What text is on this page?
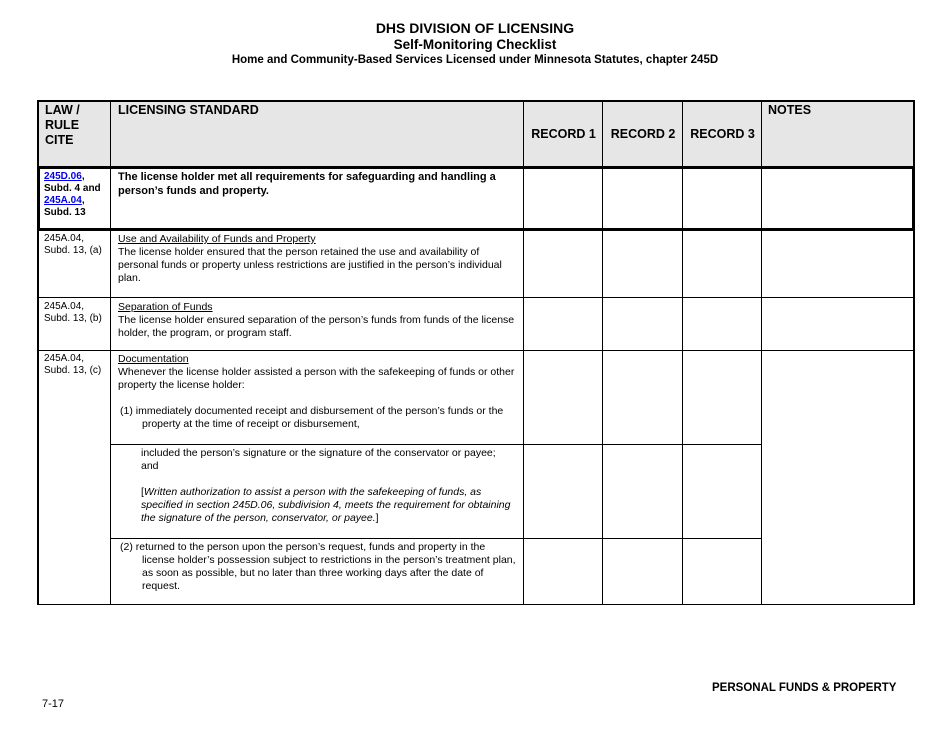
DHS DIVISION OF LICENSING
Self-Monitoring Checklist
Home and Community-Based Services Licensed under Minnesota Statutes, chapter 245D
LAW / RULE CITE
LICENSING STANDARD
RECORD 1 RECORD 2 RECORD 3
NOTES
245D.06,
Subd. 4 and
245A.04,
Subd. 13
The license holder met all requirements for safeguarding and handling a person’s funds and property.
245A.04, Subd. 13, (a)
Use and Availability of Funds and Property
The license holder ensured that the person retained the use and availability of personal funds or property unless restrictions are justified in the person’s individual plan.
245A.04, Subd. 13, (b)
Separation of Funds
The license holder ensured separation of the person’s funds from funds of the license holder, the program, or program staff.
245A.04, Subd. 13, (c)
Documentation
Whenever the license holder assisted a person with the safekeeping of funds or other property the license holder:
(1) immediately documented receipt and disbursement of the person’s funds or the property at the time of receipt or disbursement,
included the person’s signature or the signature of the conservator or payee; and
[Written authorization to assist a person with the safekeeping of funds, as specified in section 245D.06, subdivision 4, meets the requirement for obtaining the signature of the person, conservator, or payee.]
(2) returned to the person upon the person’s request, funds and property in the license holder’s possession subject to restrictions in the person’s treatment plan, as soon as possible, but no later than three working days after the date of request.
7-17
PERSONAL FUNDS & PROPERTY
